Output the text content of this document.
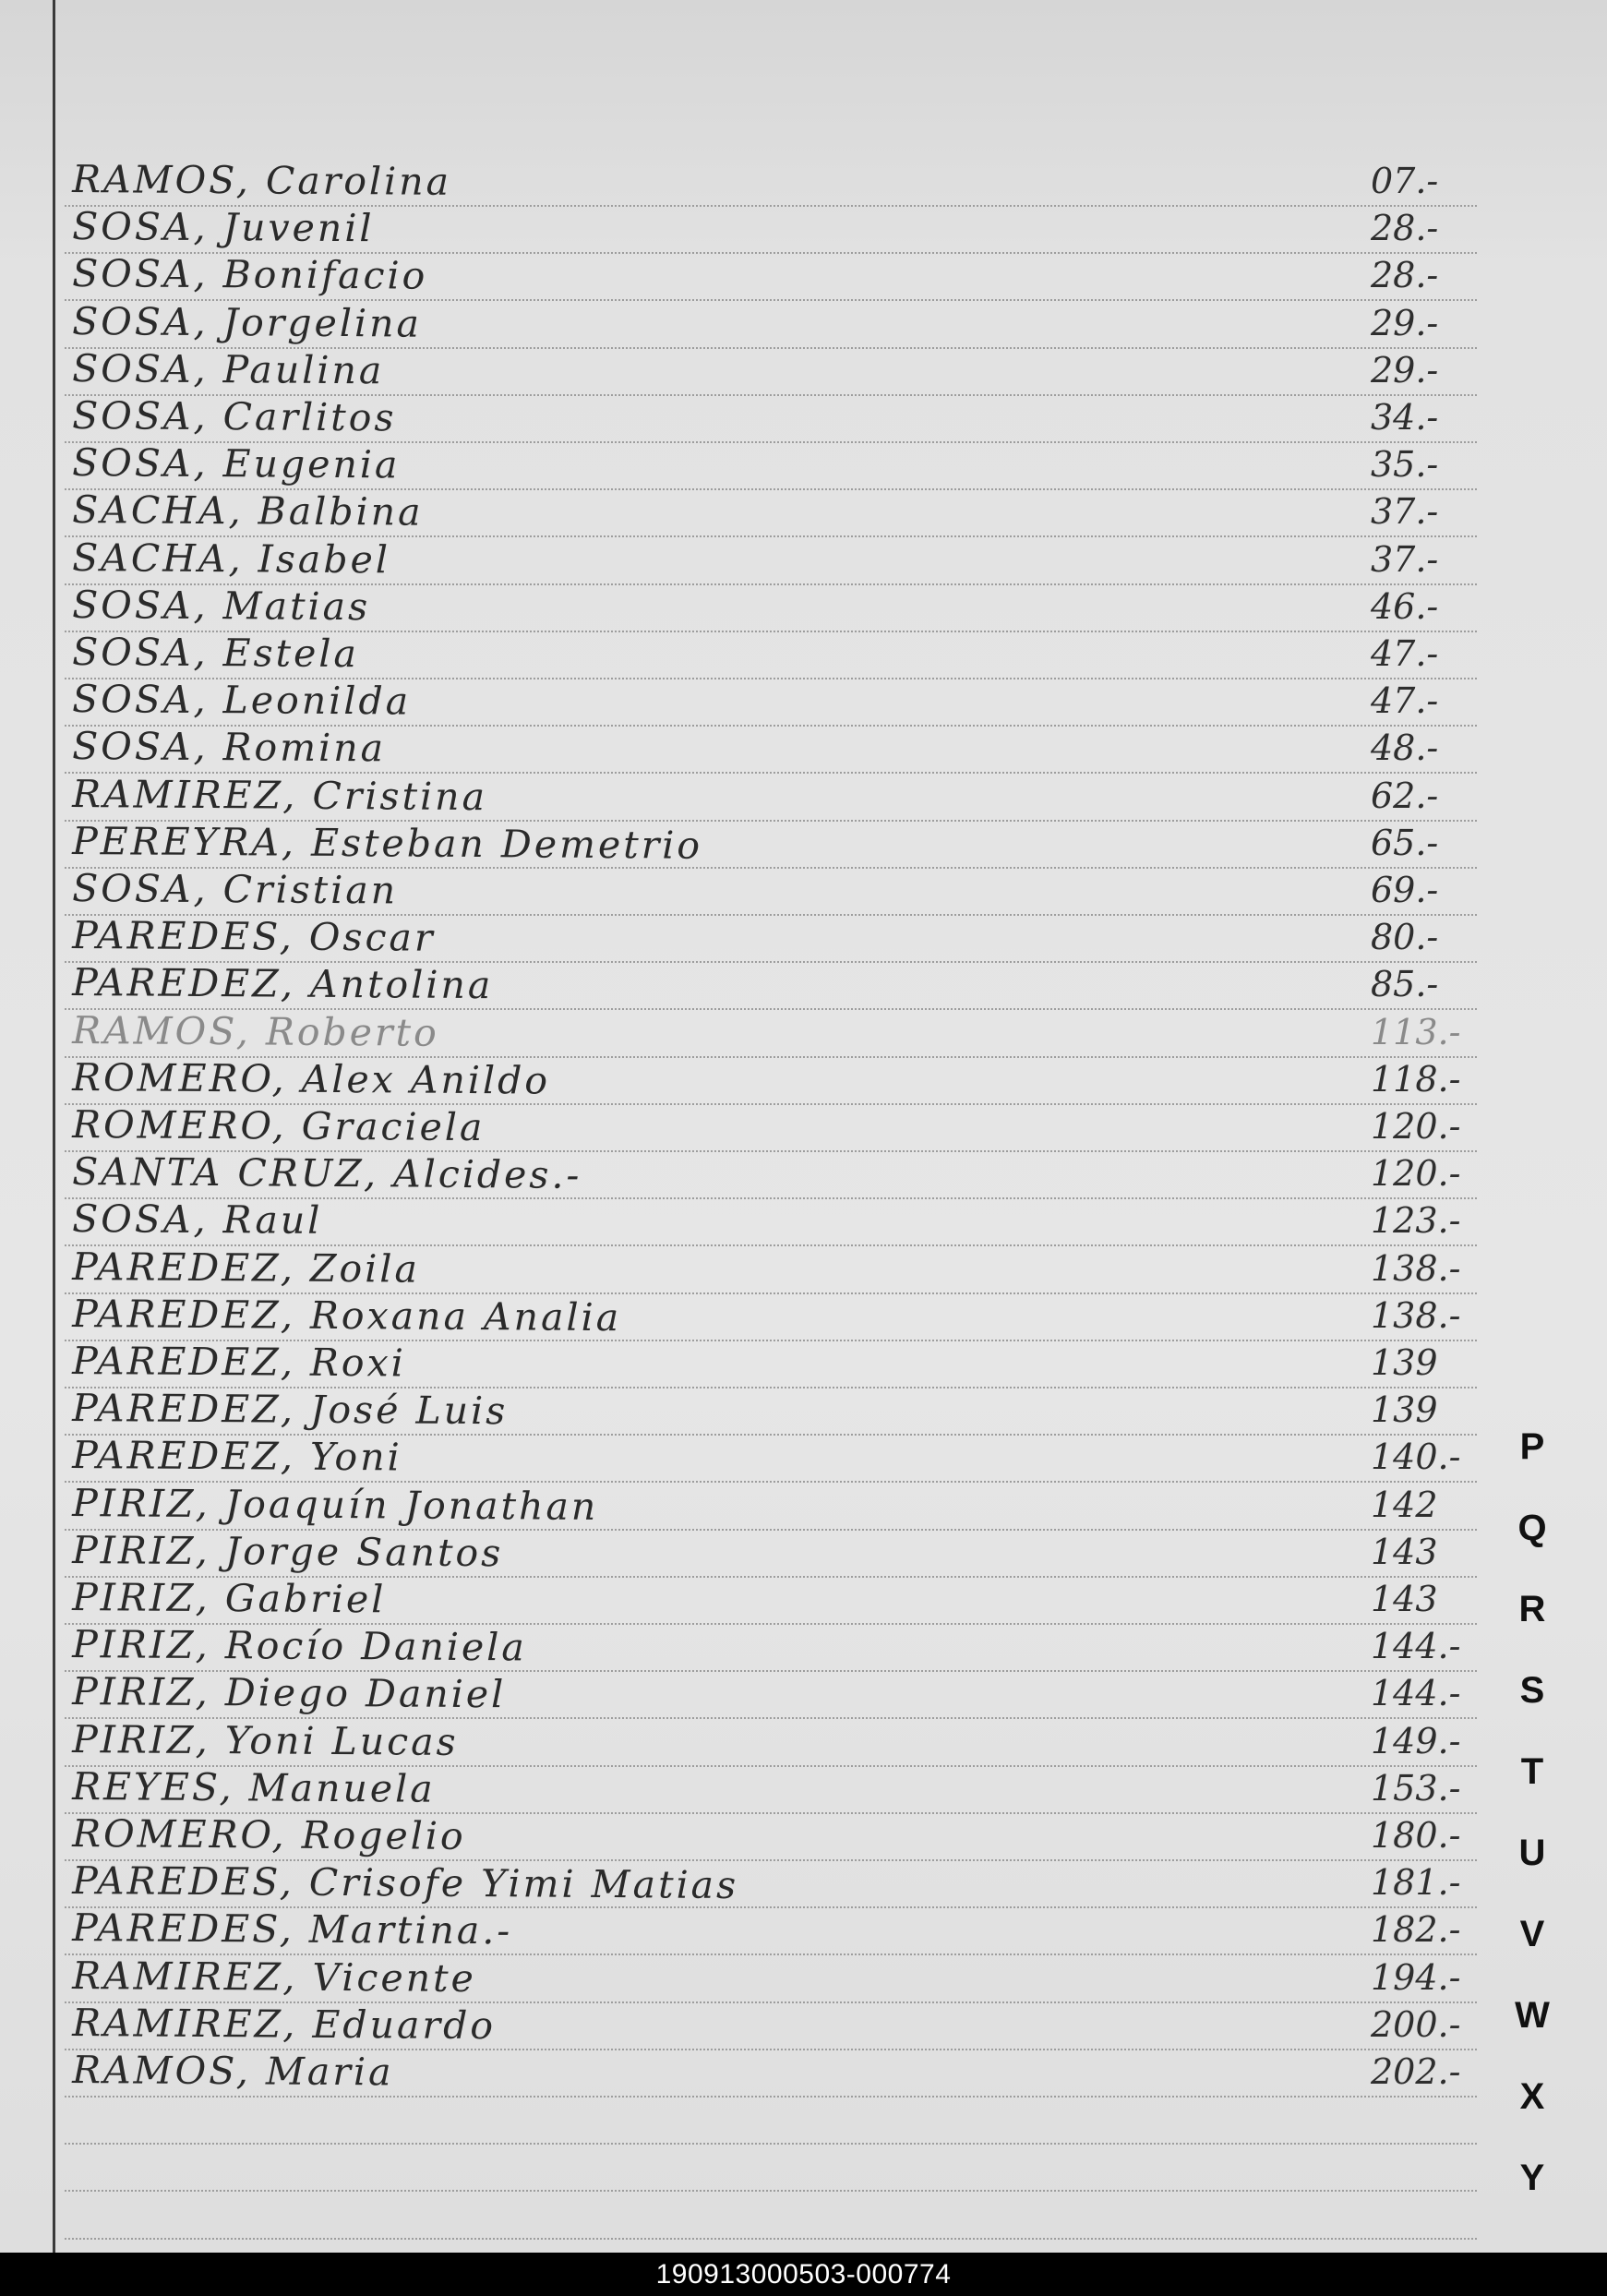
RAMOS, Carolina	07.-
SOSA, Juvenil	28.-
SOSA, Bonifacio	28.-
SOSA, Jorgelina	29.-
SOSA, Paulina	29.-
SOSA, Carlitos	34.-
SOSA, Eugenia	35.-
SACHA, Balbina	37.-
SACHA, Isabel	37.-
SOSA, Matias	46.-
SOSA, Estela	47.-
SOSA, Leonilda	47.-
SOSA, Romina	48.-
RAMIREZ, Cristina	62.-
PEREYRA, Esteban Demetrio	65.-
SOSA, Cristian	69.-
PAREDES, Oscar	80.-
PAREDEZ, Antolina	85.-
RAMOS, Roberto	113.-
ROMERO, Alex Anildo	118.-
ROMERO, Graciela	120.-
SANTA CRUZ, Alcides.-	120.-
SOSA, Raul	123.-
PAREDEZ, Zoila	138.-
PAREDEZ, Roxana Analia	138.-
PAREDEZ, Roxi	139
PAREDEZ, José Luis	139
PAREDEZ, Yoni	140.-
PIRIZ, Joaquín Jonathan	142
PIRIZ, Jorge Santos	143
PIRIZ, Gabriel	143
PIRIZ, Rocío Daniela	144.-
PIRIZ, Diego Daniel	144.-
PIRIZ, Yoni Lucas	149.-
REYES, Manuela	153.-
ROMERO, Rogelio	180.-
PAREDES, Crisofe Yimi Matias	181.-
PAREDES, Martina.-	182.-
RAMIREZ, Vicente	194.-
RAMIREZ, Eduardo	200.-
RAMOS, Maria	202.-
P
Q
R
S
T
U
V
W
X
Y
190913000503-000774
